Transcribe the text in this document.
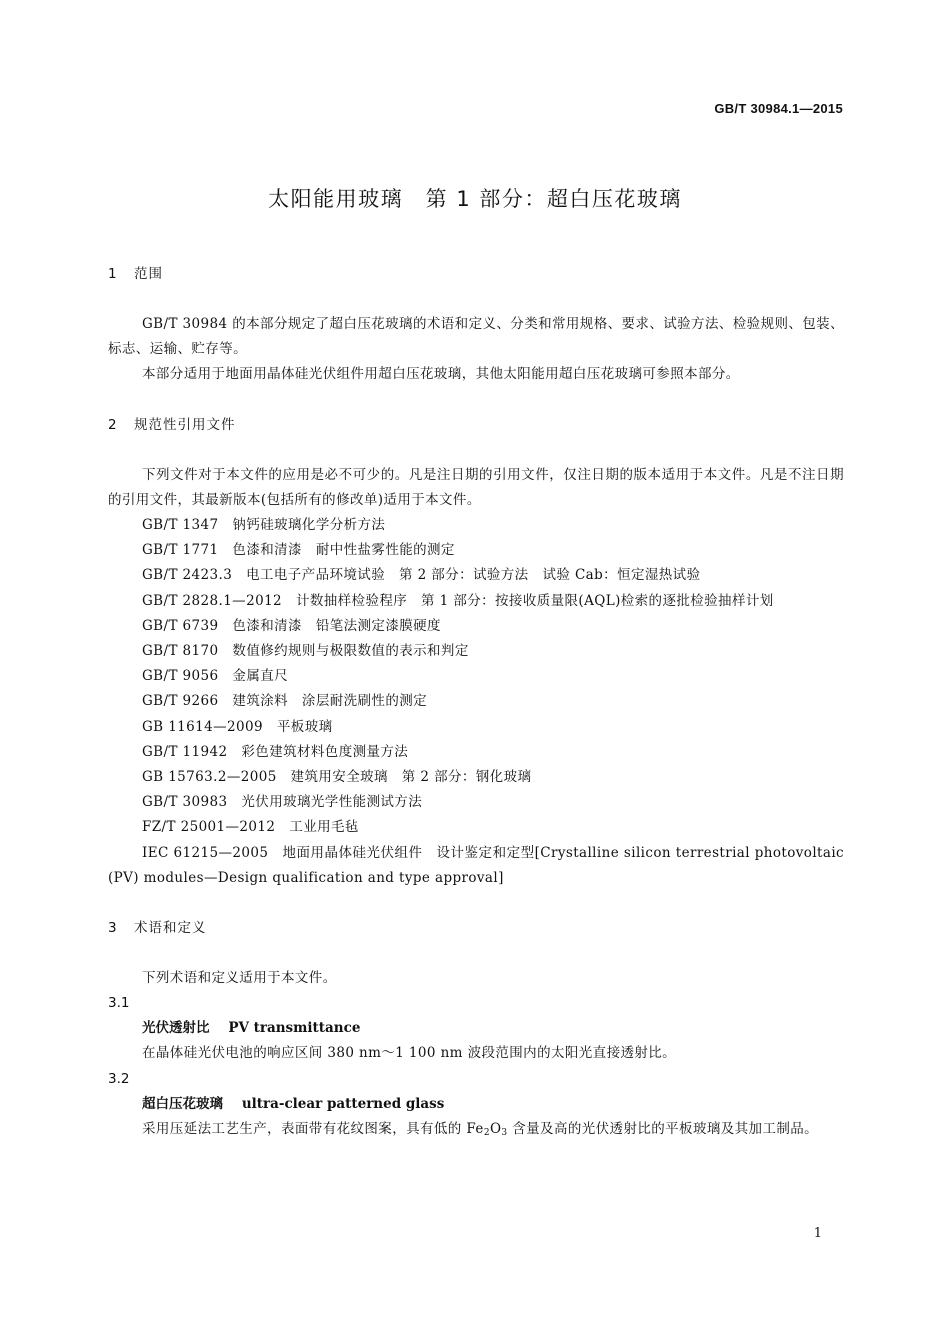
GB/T 30984.1—2015
太阳能用玻璃　第 1 部分：超白压花玻璃
1 范围

GB/T 30984 的本部分规定了超白压花玻璃的术语和定义、分类和常用规格、要求、试验方法、检验规则、包装、标志、运输、贮存等。

本部分适用于地面用晶体硅光伏组件用超白压花玻璃，其他太阳能用超白压花玻璃可参照本部分。

2 规范性引用文件

下列文件对于本文件的应用是必不可少的。凡是注日期的引用文件，仅注日期的版本适用于本文件。凡是不注日期的引用文件，其最新版本(包括所有的修改单)适用于本文件。

GB/T 1347　 钠钙硅玻璃化学分析方法

GB/T 1771　 色漆和清漆　耐中性盐雾性能的测定

GB/T 2423.3　 电工电子产品环境试验　第 2 部分：试验方法　试验 Cab：恒定湿热试验

GB/T 2828.1—2012　 计数抽样检验程序　第 1 部分：按接收质量限(AQL)检索的逐批检验抽样计划

GB/T 6739　 色漆和清漆　铅笔法测定漆膜硬度

GB/T 8170　 数值修约规则与极限数值的表示和判定

GB/T 9056　 金属直尺

GB/T 9266　 建筑涂料　涂层耐洗刷性的测定

GB 11614—2009　 平板玻璃

GB/T 11942　 彩色建筑材料色度测量方法

GB 15763.2—2005　 建筑用安全玻璃　第 2 部分：钢化玻璃

GB/T 30983　 光伏用玻璃光学性能测试方法

FZ/T 25001—2012　 工业用毛毡

IEC 61215—2005　 地面用晶体硅光伏组件　设计鉴定和定型[Crystalline silicon terrestrial photovoltaic (PV) modules—Design qualification and type approval]

3 术语和定义

下列术语和定义适用于本文件。

3.1
光伏透射比 PV transmittance

在晶体硅光伏电池的响应区间 380 nm～1 100 nm 波段范围内的太阳光直接透射比。

3.2
超白压花玻璃 ultra-clear patterned glass

采用压延法工艺生产，表面带有花纹图案，具有低的 $Fe_2O_3$ 含量及高的光伏透射比的平板玻璃及其加工制品。

1
